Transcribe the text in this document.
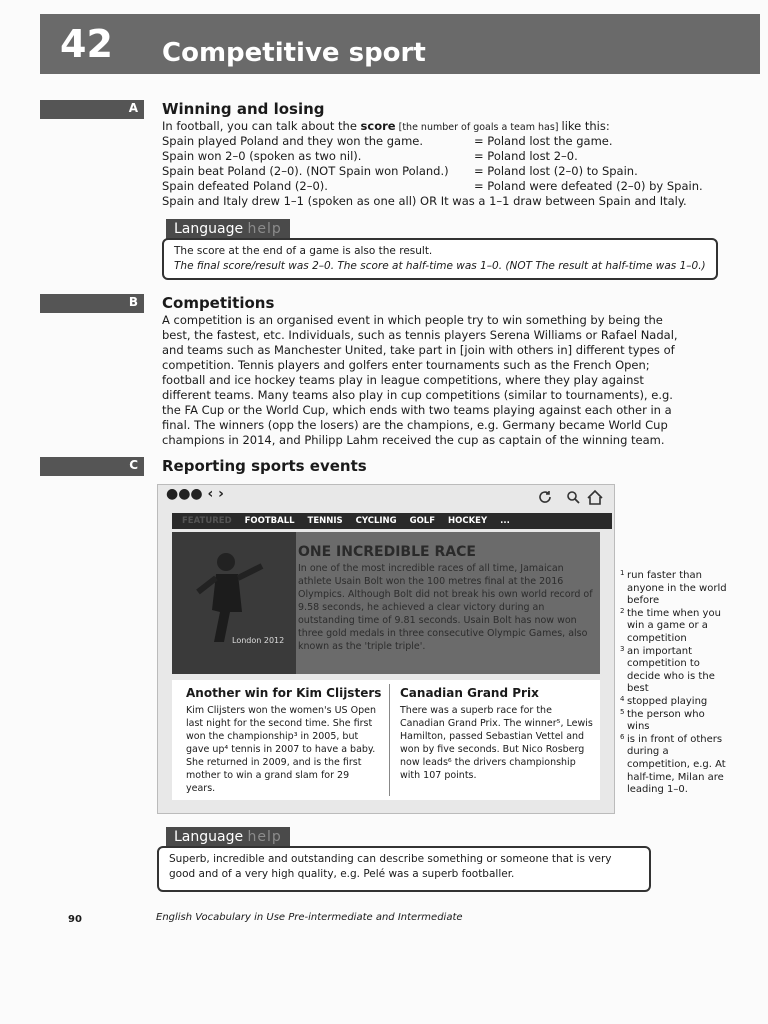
42 Competitive sport
A Winning and losing
In football, you can talk about the score [the number of goals a team has] like this:
Spain played Poland and they won the game.
Spain won 2–0 (spoken as two nil).
Spain beat Poland (2–0). (NOT Spain won Poland.)
Spain defeated Poland (2–0).
= Poland lost the game.
= Poland lost 2–0.
= Poland lost (2–0) to Spain.
= Poland were defeated (2–0) by Spain.
Spain and Italy drew 1–1 (spoken as one all) OR It was a 1–1 draw between Spain and Italy.
Language help
The score at the end of a game is also the result.
The final score/result was 2–0. The score at half-time was 1–0. (NOT The result at half-time was 1–0.)
B Competitions
A competition is an organised event in which people try to win something by being the best, the fastest, etc. Individuals, such as tennis players Serena Williams or Rafael Nadal, and teams such as Manchester United, take part in [join with others in] different types of competition. Tennis players and golfers enter tournaments such as the French Open; football and ice hockey teams play in league competitions, where they play against different teams. Many teams also play in cup competitions (similar to tournaments), e.g. the FA Cup or the World Cup, which ends with two teams playing against each other in a final. The winners (opp the losers) are the champions, e.g. Germany became World Cup champions in 2014, and Philipp Lahm received the cup as captain of the winning team.
C Reporting sports events
●●● ‹ ›
FEATURED FOOTBALL TENNIS CYCLING GOLF HOCKEY ...
London 2012
ONE INCREDIBLE RACE
In one of the most incredible races of all time, Jamaican athlete Usain Bolt won the 100 metres final at the 2016 Olympics. Although Bolt did not break his own world record of 9.58 seconds, he achieved a clear victory during an outstanding time of 9.81 seconds. Usain Bolt has now won three gold medals in three consecutive Olympic Games, also known as the 'triple triple'.
Another win for Kim Clijsters
Kim Clijsters won the women's US Open last night for the second time. She first won the championship³ in 2005, but gave up⁴ tennis in 2007 to have a baby. She returned in 2009, and is the first mother to win a grand slam for 29 years.
Canadian Grand Prix
There was a superb race for the Canadian Grand Prix. The winner⁵, Lewis Hamilton, passed Sebastian Vettel and won by five seconds. But Nico Rosberg now leads⁶ the drivers championship with 107 points.
1 run faster than anyone in the world before
2 the time when you win a game or a competition
3 an important competition to decide who is the best
4 stopped playing
5 the person who wins
6 is in front of others during a competition, e.g. At half-time, Milan are leading 1–0.
Language help
Superb, incredible and outstanding can describe something or someone that is very
good and of a very high quality, e.g. Pelé was a superb footballer.
90	English Vocabulary in Use Pre-intermediate and Intermediate
